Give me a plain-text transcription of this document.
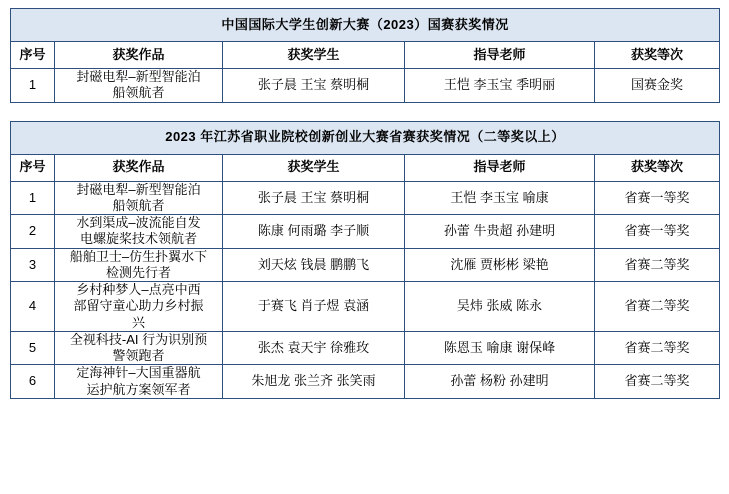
中国国际大学生创新大赛（2023）国赛获奖情况				
序号	获奖作品	获奖学生	指导老师	获奖等次
1	封磁电犁–新型智能泊
船领航者	张子晨 王宝 蔡明桐	王恺 李玉宝 季明丽	国赛金奖
2023 年江苏省职业院校创新创业大赛省赛获奖情况（二等奖以上）				
序号	获奖作品	获奖学生	指导老师	获奖等次
1	封磁电犁–新型智能泊
船领航者	张子晨 王宝 蔡明桐	王恺 李玉宝 喻康	省赛一等奖

2	水到渠成–波流能自发
电螺旋桨技术领航者	陈康 何雨璐 李子顺	孙蕾 牛贵超 孙建明	省赛一等奖

3	船舶卫士–仿生扑翼水下
检测先行者	刘天炫 钱晨 鹏鹏飞	沈雁 贾彬彬 梁艳	省赛二等奖

4	乡村种梦人–点亮中西
部留守童心助力乡村振
兴	于赛飞 肖子煜 袁涵	吴炜 张威 陈永	省赛二等奖

5	全视科技-AI 行为识别预
警领跑者	张杰 袁天宇 徐雅玫	陈恩玉 喻康 谢保峰	省赛二等奖

6	定海神针–大国重器航
运护航方案领军者	朱旭龙 张兰齐 张笑雨	孙蕾 杨粉 孙建明	省赛二等奖
